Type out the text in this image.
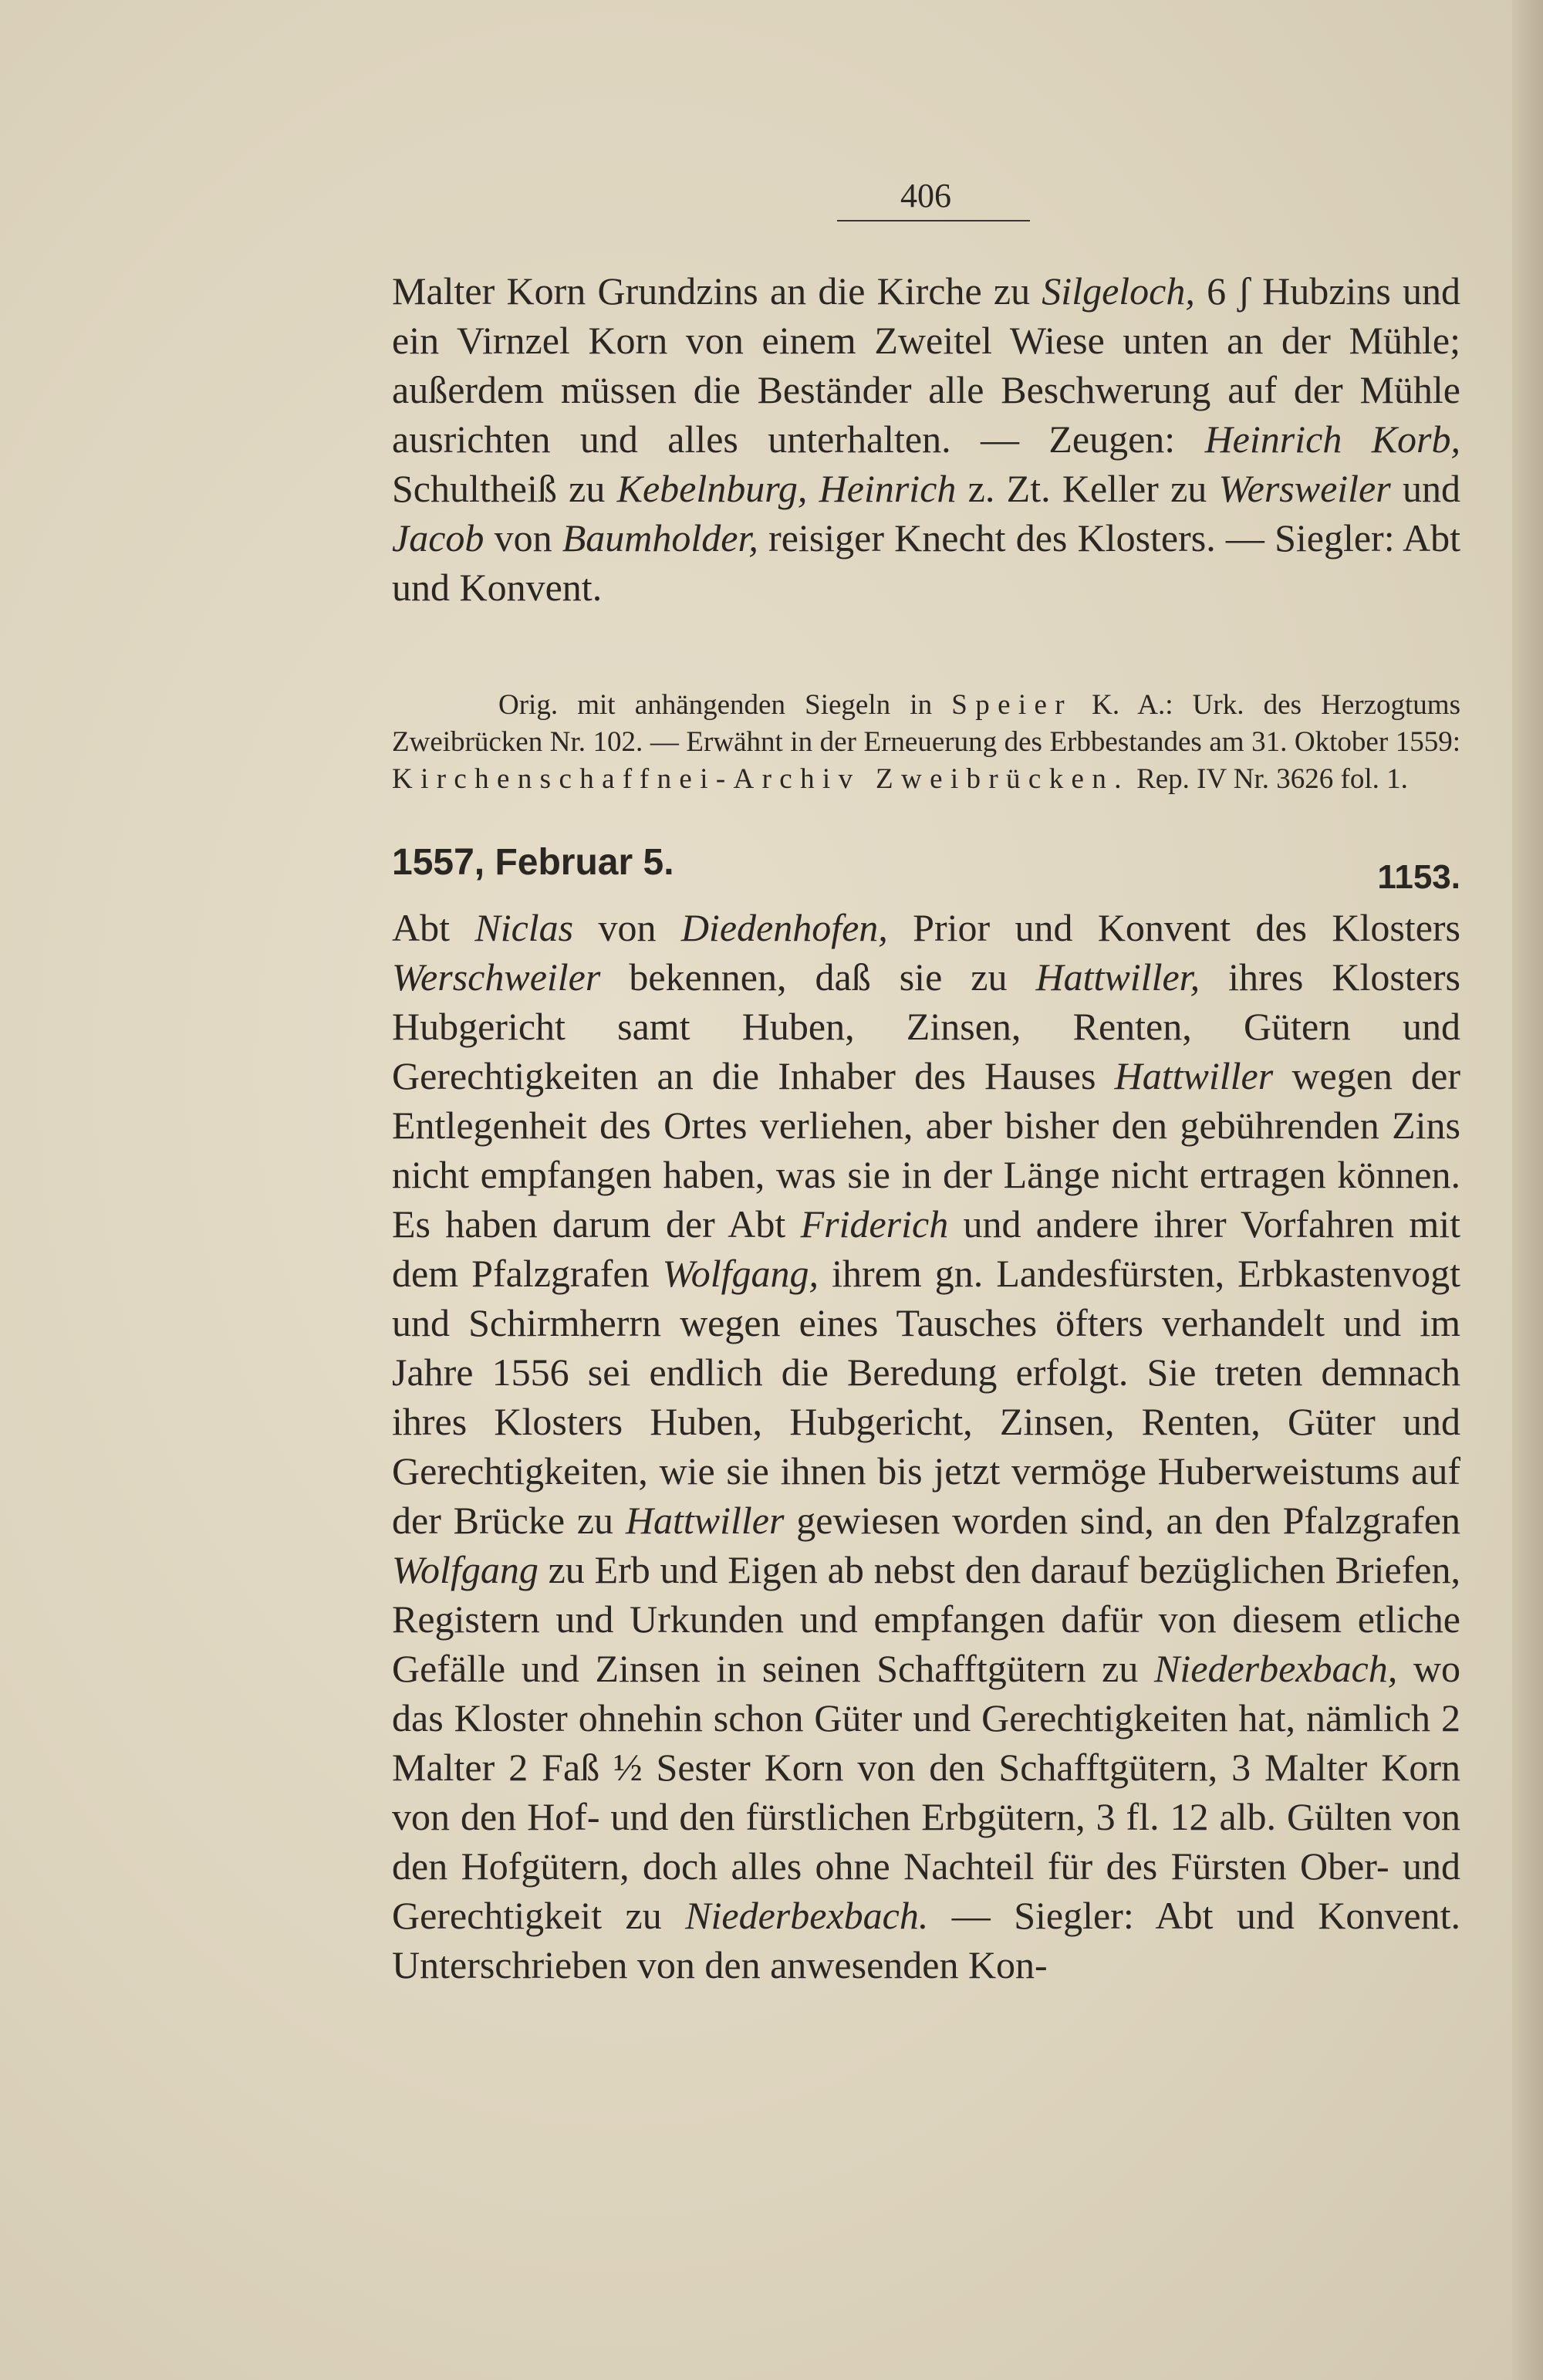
406

Malter Korn Grundzins an die Kirche zu Silgeloch, 6 ʃ Hubzins und ein Virnzel Korn von einem Zweitel Wiese unten an der Mühle; außerdem müssen die Beständer alle Beschwerung auf der Mühle ausrichten und alles unterhalten. — Zeugen: Heinrich Korb, Schultheiß zu Kebelnburg, Heinrich z. Zt. Keller zu Wersweiler und Jacob von Baumholder, reisiger Knecht des Klosters. — Siegler: Abt und Konvent.

Orig. mit anhängenden Siegeln in Speier K. A.: Urk. des Herzogtums Zweibrücken Nr. 102. — Erwähnt in der Erneuerung des Erbbestandes am 31. Oktober 1559: Kirchenschaffnei-Archiv Zweibrücken. Rep. IV Nr. 3626 fol. 1.

1557, Februar 5.	1153.

Abt Niclas von Diedenhofen, Prior und Konvent des Klosters Werschweiler bekennen, daß sie zu Hattwiller, ihres Klosters Hubgericht samt Huben, Zinsen, Renten, Gütern und Gerechtigkeiten an die Inhaber des Hauses Hattwiller wegen der Entlegenheit des Ortes verliehen, aber bisher den gebührenden Zins nicht empfangen haben, was sie in der Länge nicht ertragen können. Es haben darum der Abt Friderich und andere ihrer Vorfahren mit dem Pfalzgrafen Wolfgang, ihrem gn. Landesfürsten, Erbkastenvogt und Schirmherrn wegen eines Tausches öfters verhandelt und im Jahre 1556 sei endlich die Beredung erfolgt. Sie treten demnach ihres Klosters Huben, Hubgericht, Zinsen, Renten, Güter und Gerechtigkeiten, wie sie ihnen bis jetzt vermöge Huberweistums auf der Brücke zu Hattwiller gewiesen worden sind, an den Pfalzgrafen Wolfgang zu Erb und Eigen ab nebst den darauf bezüglichen Briefen, Registern und Urkunden und empfangen dafür von diesem etliche Gefälle und Zinsen in seinen Schafftgütern zu Niederbexbach, wo das Kloster ohnehin schon Güter und Gerechtigkeiten hat, nämlich 2 Malter 2 Faß ½ Sester Korn von den Schafftgütern, 3 Malter Korn von den Hof- und den fürstlichen Erbgütern, 3 fl. 12 alb. Gülten von den Hofgütern, doch alles ohne Nachteil für des Fürsten Ober- und Gerechtigkeit zu Niederbexbach. — Siegler: Abt und Konvent. Unterschrieben von den anwesenden Kon-
